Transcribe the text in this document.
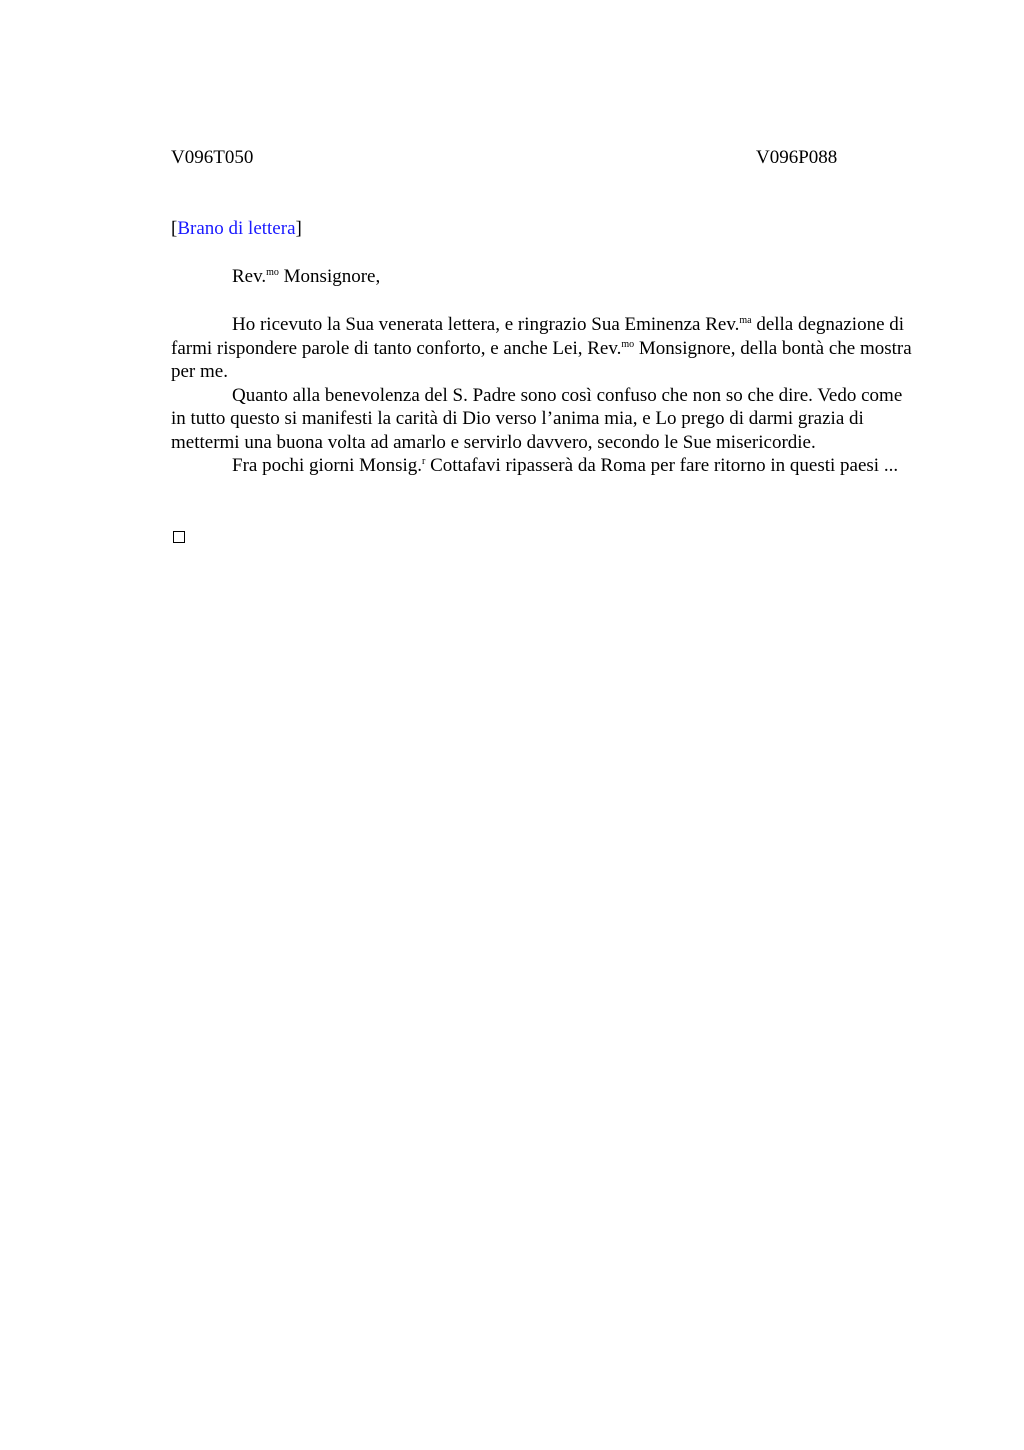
V096T050	V096P088
[Brano di lettera]
Rev.$^{mo}$ Monsignore,

Ho ricevuto la Sua venerata lettera, e ringrazio Sua Eminenza Rev.$^{ma}$ della degnazione di farmi rispondere parole di tanto conforto, e anche Lei, Rev.$^{mo}$ Monsignore, della bontà che mostra per me.

Quanto alla benevolenza del S. Padre sono così confuso che non so che dire. Vedo come in tutto questo si manifesti la carità di Dio verso l’anima mia, e Lo prego di darmi grazia di mettermi una buona volta ad amarlo e servirlo davvero, secondo le Sue misericordie.

Fra pochi giorni Monsig.$^r$ Cottafavi ripasserà da Roma per fare ritorno in questi paesi ...
